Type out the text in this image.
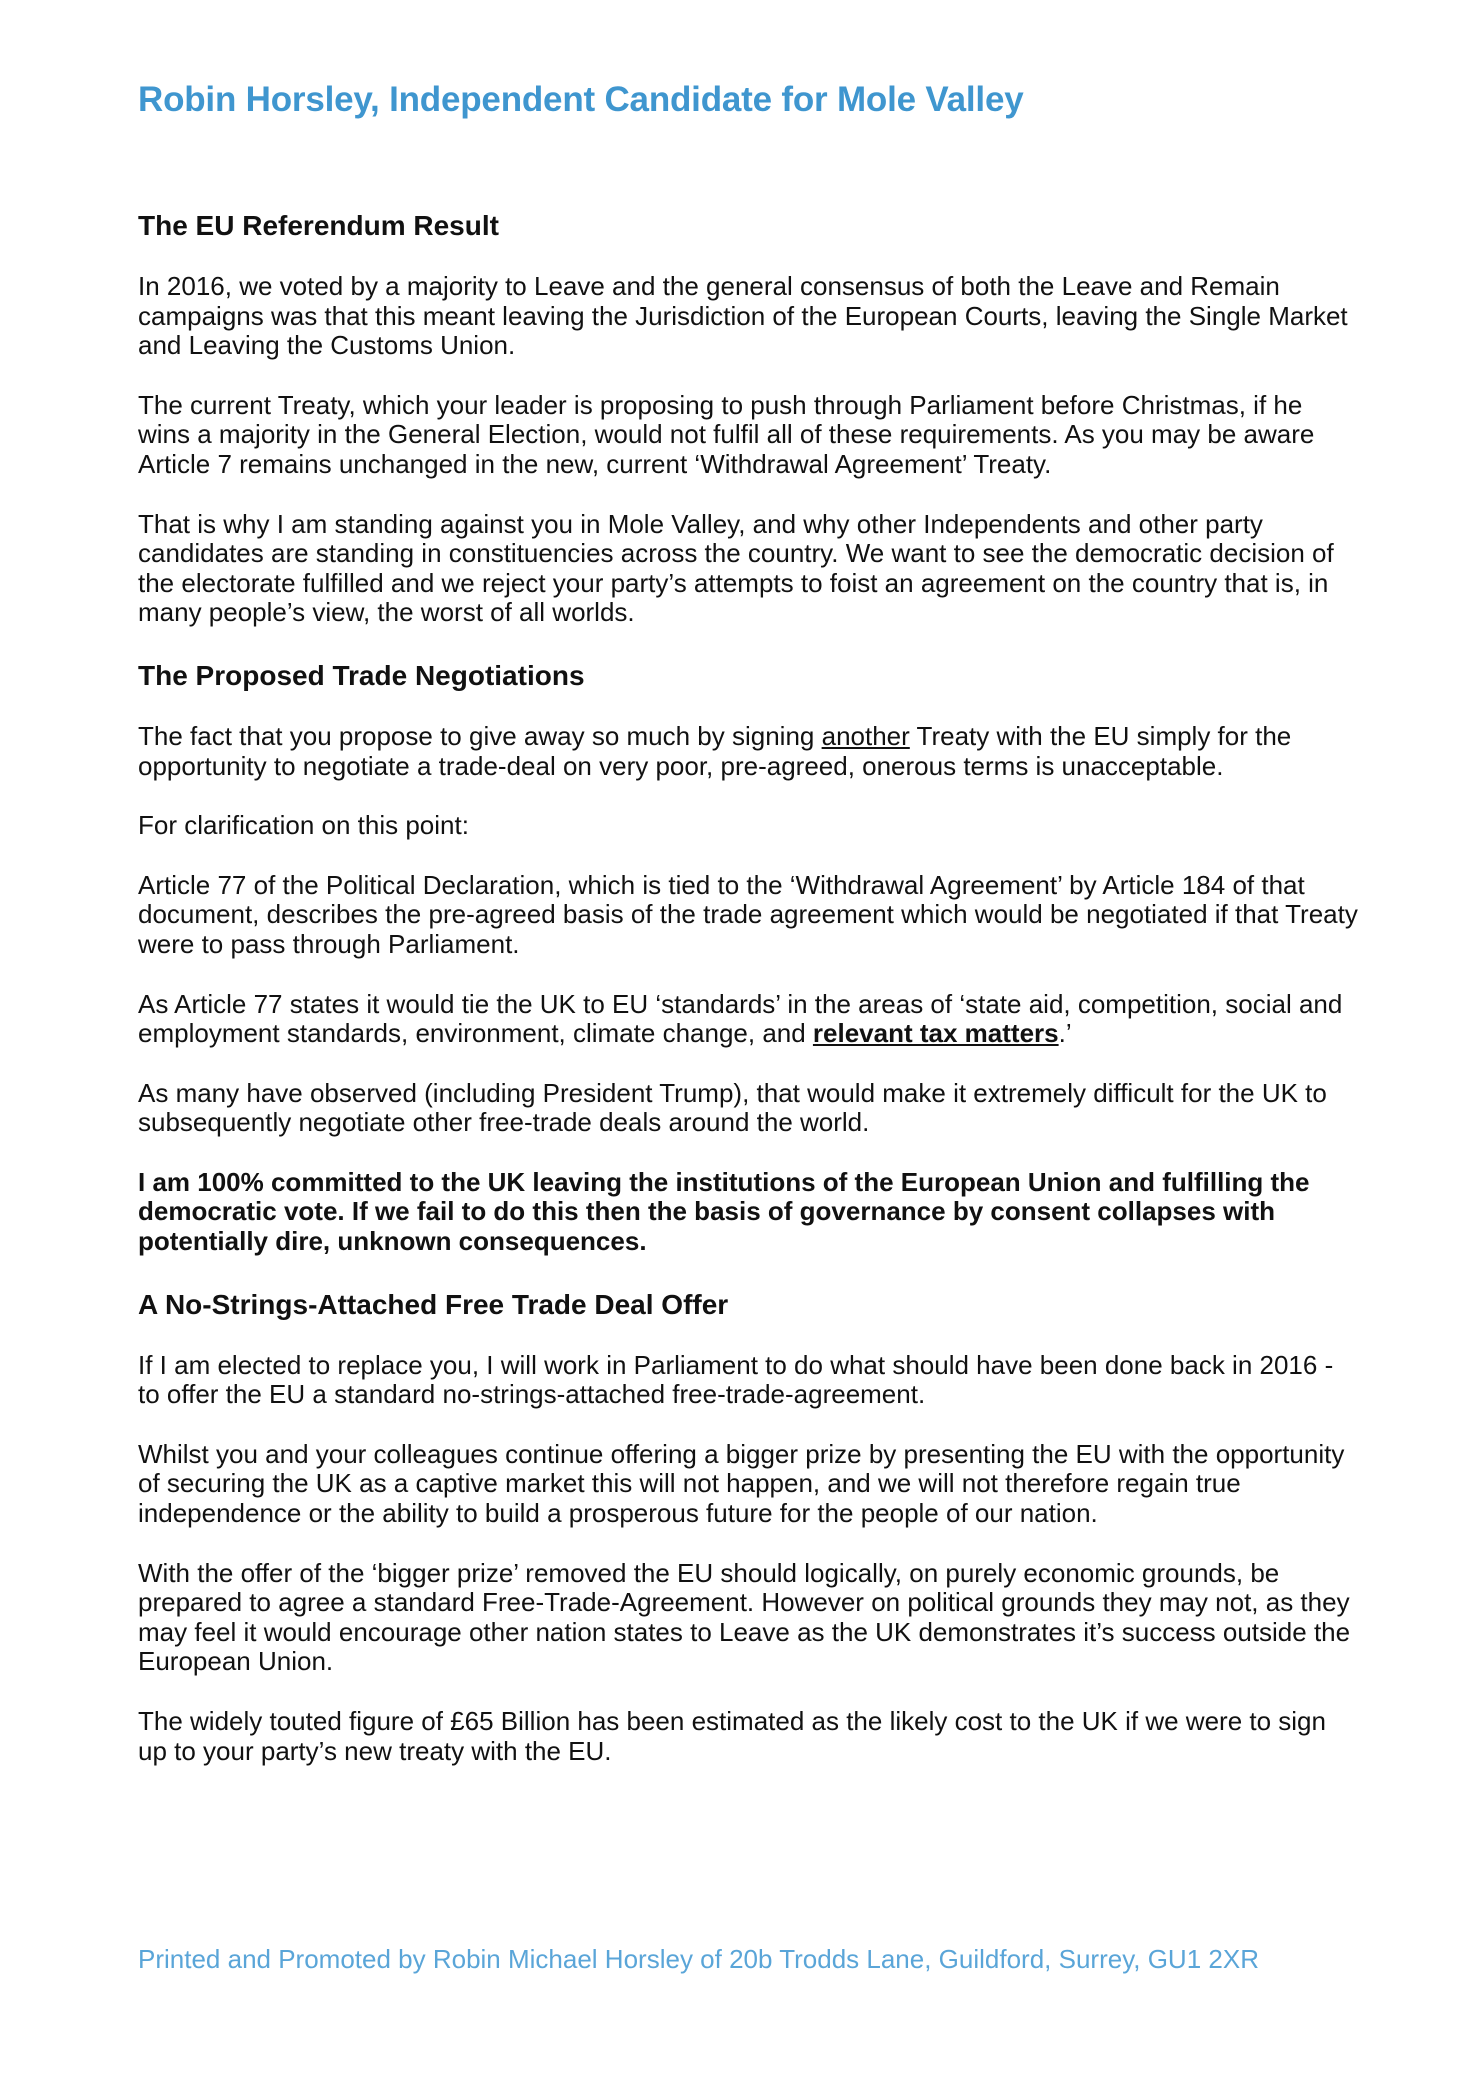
Robin Horsley, Independent Candidate for Mole Valley
The EU Referendum Result

In 2016, we voted by a majority to Leave and the general consensus of both the Leave and Remain campaigns was that this meant leaving the Jurisdiction of the European Courts, leaving the Single Market and Leaving the Customs Union.

The current Treaty, which your leader is proposing to push through Parliament before Christmas, if he wins a majority in the General Election, would not fulfil all of these requirements. As you may be aware Article 7 remains unchanged in the new, current ‘Withdrawal Agreement’ Treaty.

That is why I am standing against you in Mole Valley, and why other Independents and other party candidates are standing in constituencies across the country. We want to see the democratic decision of the electorate fulfilled and we reject your party’s attempts to foist an agreement on the country that is, in many people’s view, the worst of all worlds.

The Proposed Trade Negotiations

The fact that you propose to give away so much by signing another Treaty with the EU simply for the opportunity to negotiate a trade-deal on very poor, pre-agreed, onerous terms is unacceptable.

For clarification on this point:

Article 77 of the Political Declaration, which is tied to the ‘Withdrawal Agreement’ by Article 184 of that document, describes the pre-agreed basis of the trade agreement which would be negotiated if that Treaty were to pass through Parliament.

As Article 77 states it would tie the UK to EU ‘standards’ in the areas of ‘state aid, competition, social and employment standards, environment, climate change, and relevant tax matters.’

As many have observed (including President Trump), that would make it extremely difficult for the UK to subsequently negotiate other free-trade deals around the world.

I am 100% committed to the UK leaving the institutions of the European Union and fulfilling the democratic vote. If we fail to do this then the basis of governance by consent collapses with potentially dire, unknown consequences.

A No-Strings-Attached Free Trade Deal Offer

If I am elected to replace you, I will work in Parliament to do what should have been done back in 2016 - to offer the EU a standard no-strings-attached free-trade-agreement.

Whilst you and your colleagues continue offering a bigger prize by presenting the EU with the opportunity of securing the UK as a captive market this will not happen, and we will not therefore regain true independence or the ability to build a prosperous future for the people of our nation.

With the offer of the ‘bigger prize’ removed the EU should logically, on purely economic grounds, be prepared to agree a standard Free-Trade-Agreement. However on political grounds they may not, as they may feel it would encourage other nation states to Leave as the UK demonstrates it’s success outside the European Union.

The widely touted figure of £65 Billion has been estimated as the likely cost to the UK if we were to sign up to your party’s new treaty with the EU.

Printed and Promoted by Robin Michael Horsley of 20b Trodds Lane, Guildford, Surrey, GU1 2XR
